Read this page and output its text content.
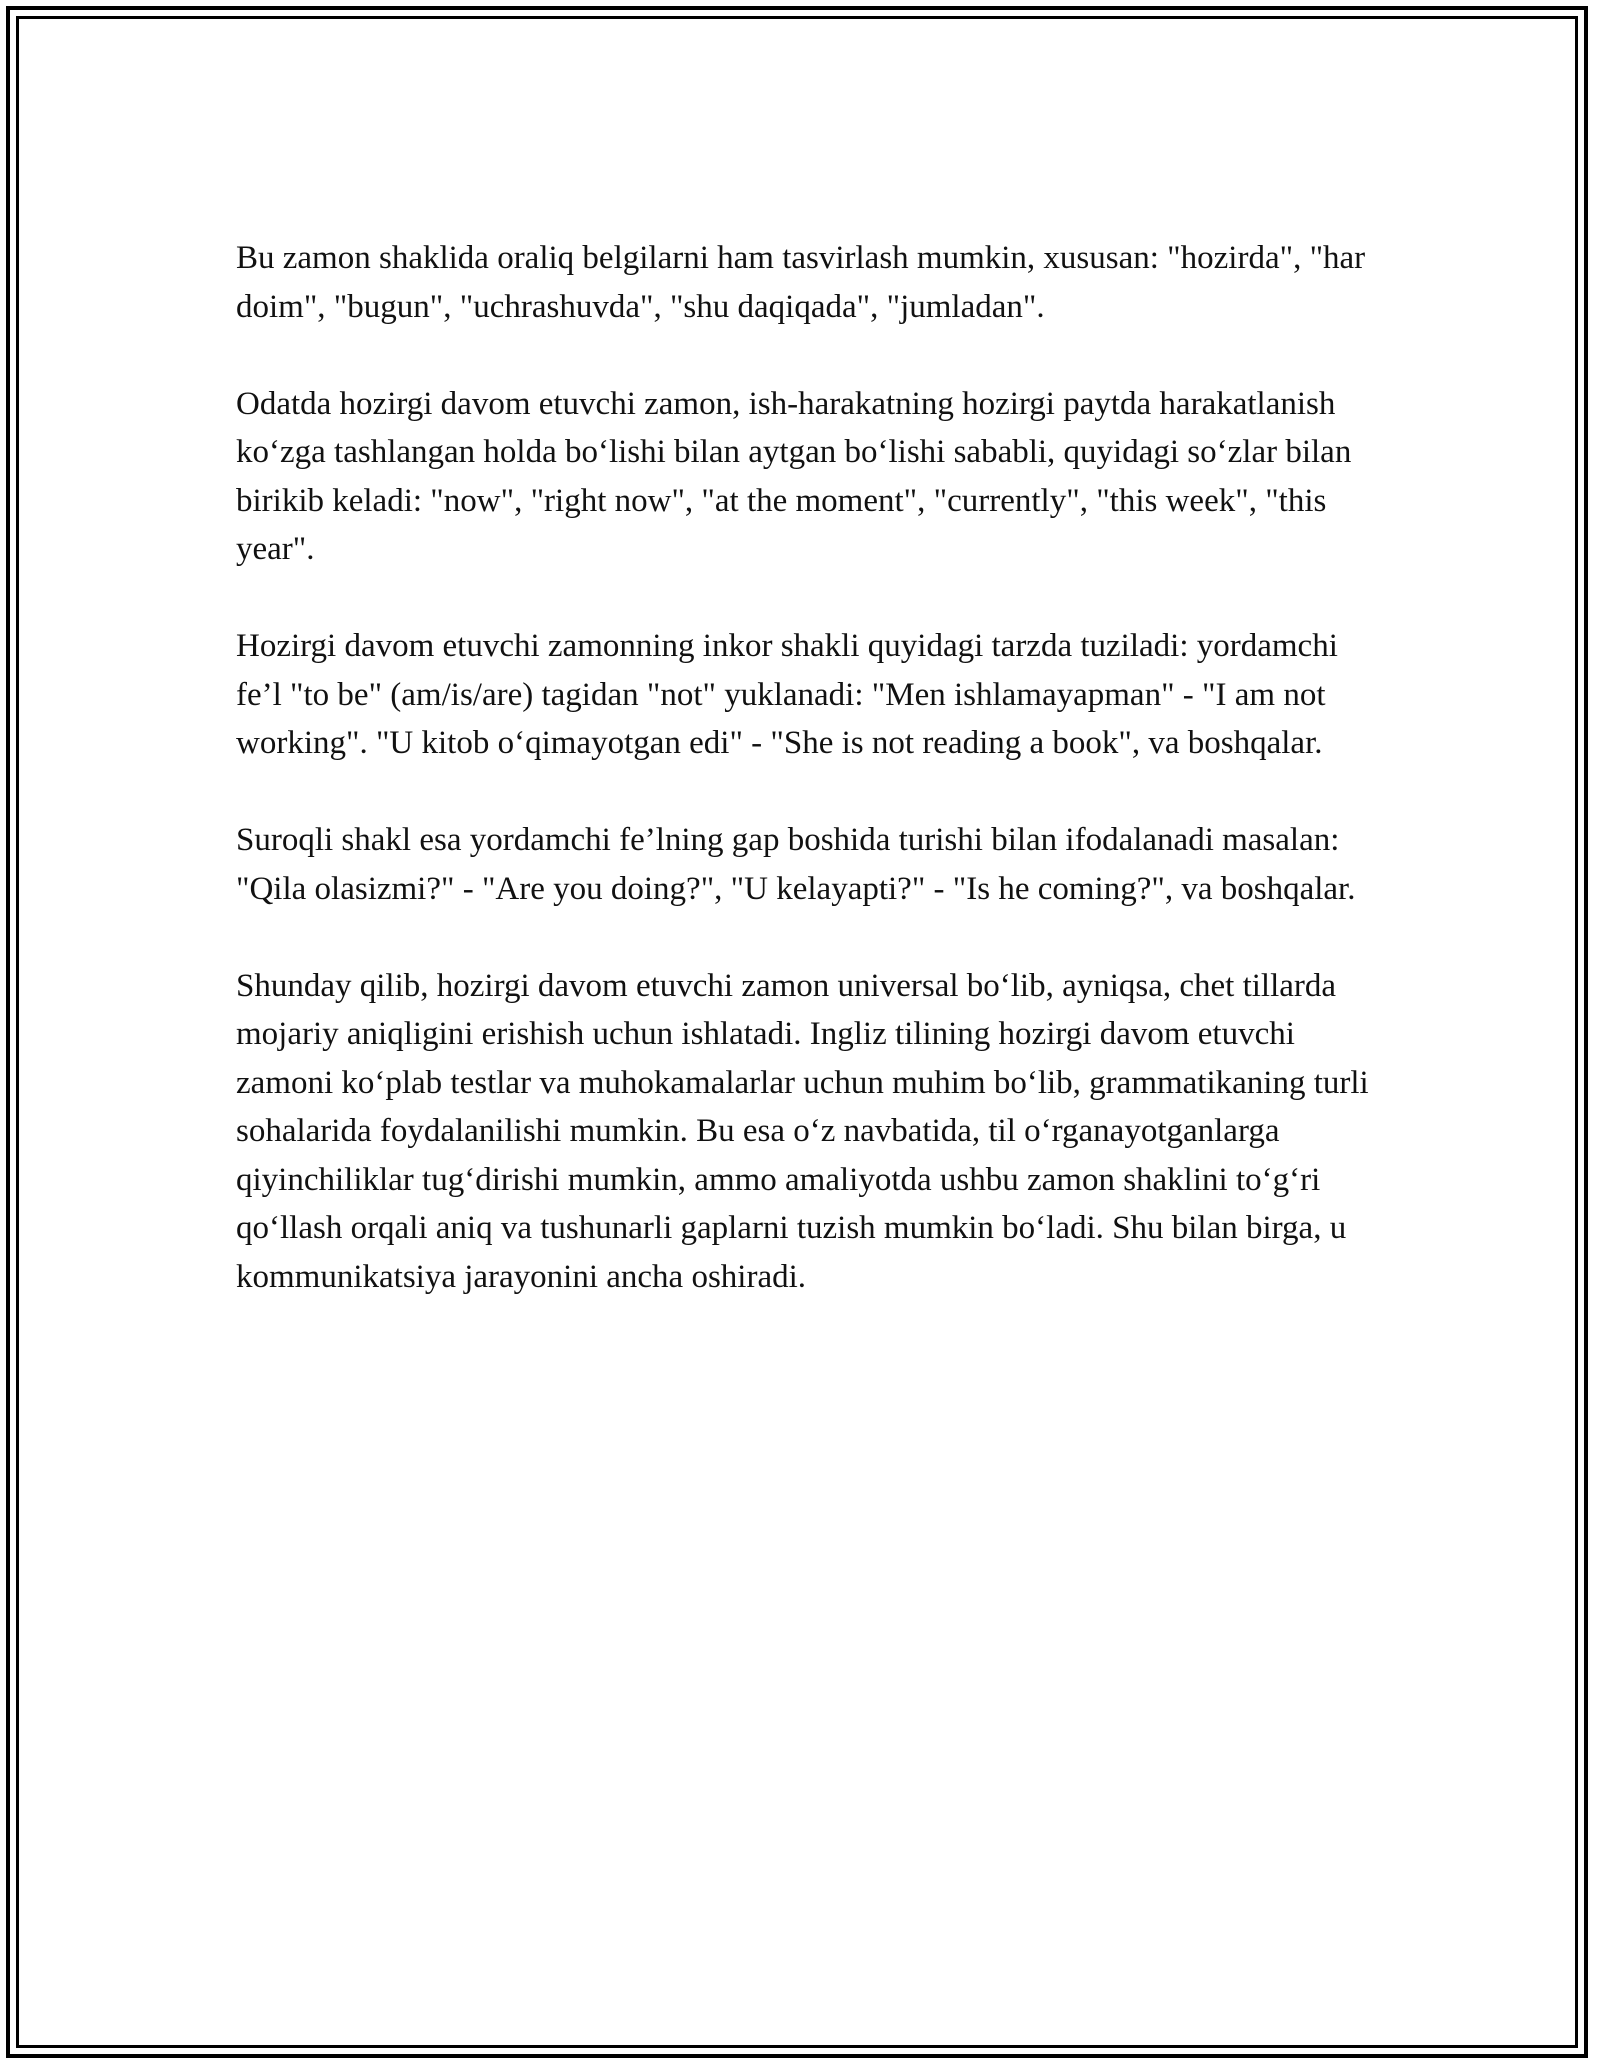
Bu zamon shaklida oraliq belgilarni ham tasvirlash mumkin, xususan: "hozirda", "har doim", "bugun", "uchrashuvda", "shu daqiqada", "jumladan".

Odatda hozirgi davom etuvchi zamon, ish-harakatning hozirgi paytda harakatlanish ko‘zga tashlangan holda bo‘lishi bilan aytgan bo‘lishi sababli, quyidagi so‘zlar bilan birikib keladi: "now", "right now", "at the moment", "currently", "this week", "this year".

Hozirgi davom etuvchi zamonning inkor shakli quyidagi tarzda tuziladi: yordamchi fe’l "to be" (am/is/are) tagidan "not" yuklanadi: "Men ishlamayapman" - "I am not working". "U kitob o‘qimayotgan edi" - "She is not reading a book", va boshqalar.

Suroqli shakl esa yordamchi fe’lning gap boshida turishi bilan ifodalanadi masalan: "Qila olasizmi?" - "Are you doing?", "U kelayapti?" - "Is he coming?", va boshqalar.

Shunday qilib, hozirgi davom etuvchi zamon universal bo‘lib, ayniqsa, chet tillarda mojariy aniqligini erishish uchun ishlatadi. Ingliz tilining hozirgi davom etuvchi zamoni ko‘plab testlar va muhokamalarlar uchun muhim bo‘lib, grammatikaning turli sohalarida foydalanilishi mumkin. Bu esa o‘z navbatida, til o‘rganayotganlarga qiyinchiliklar tug‘dirishi mumkin, ammo amaliyotda ushbu zamon shaklini to‘g‘ri qo‘llash orqali aniq va tushunarli gaplarni tuzish mumkin bo‘ladi. Shu bilan birga, u kommunikatsiya jarayonini ancha oshiradi.
